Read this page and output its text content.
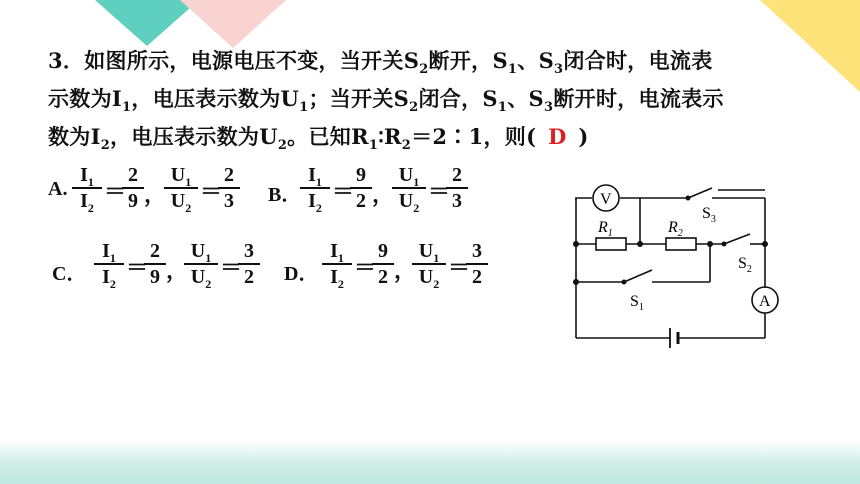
3．如图所示，电源电压不变，当开关$S_2$断开，$S_1$、$S_3$闭合时，电流表
示数为$I_1$，电压表示数为$U_1$；当开关$S_2$闭合，$S_1$、$S_3$断开时，电流表示
数为$I_2$，电压表示数为$U_2$。已知$R_1∶R_2=2∶1$，则( D )
A. $\frac{I_1}{I_2}$ ＝
$\frac{2}{9}$ ，
$\frac{U_1}{U_2}$ ＝
$\frac{2}{3}$ B．
$\frac{I_1}{I_2}$ ＝
$\frac{9}{2}$ ，
$\frac{U_1}{U_2}$ ＝
$\frac{2}{3}$
C． $\frac{I_1}{I_2}$ ＝
$\frac{2}{9}$ ，
$\frac{U_1}{U_2}$ ＝
$\frac{3}{2}$ D． $\frac{I_1}{I_2}$ ＝
$\frac{9}{2}$ ，
$\frac{U_1}{U_2}$ ＝
$\frac{3}{2}$
V
A
$R_1$	$R_2$
$S_3$
$S_2$
$S_1$
